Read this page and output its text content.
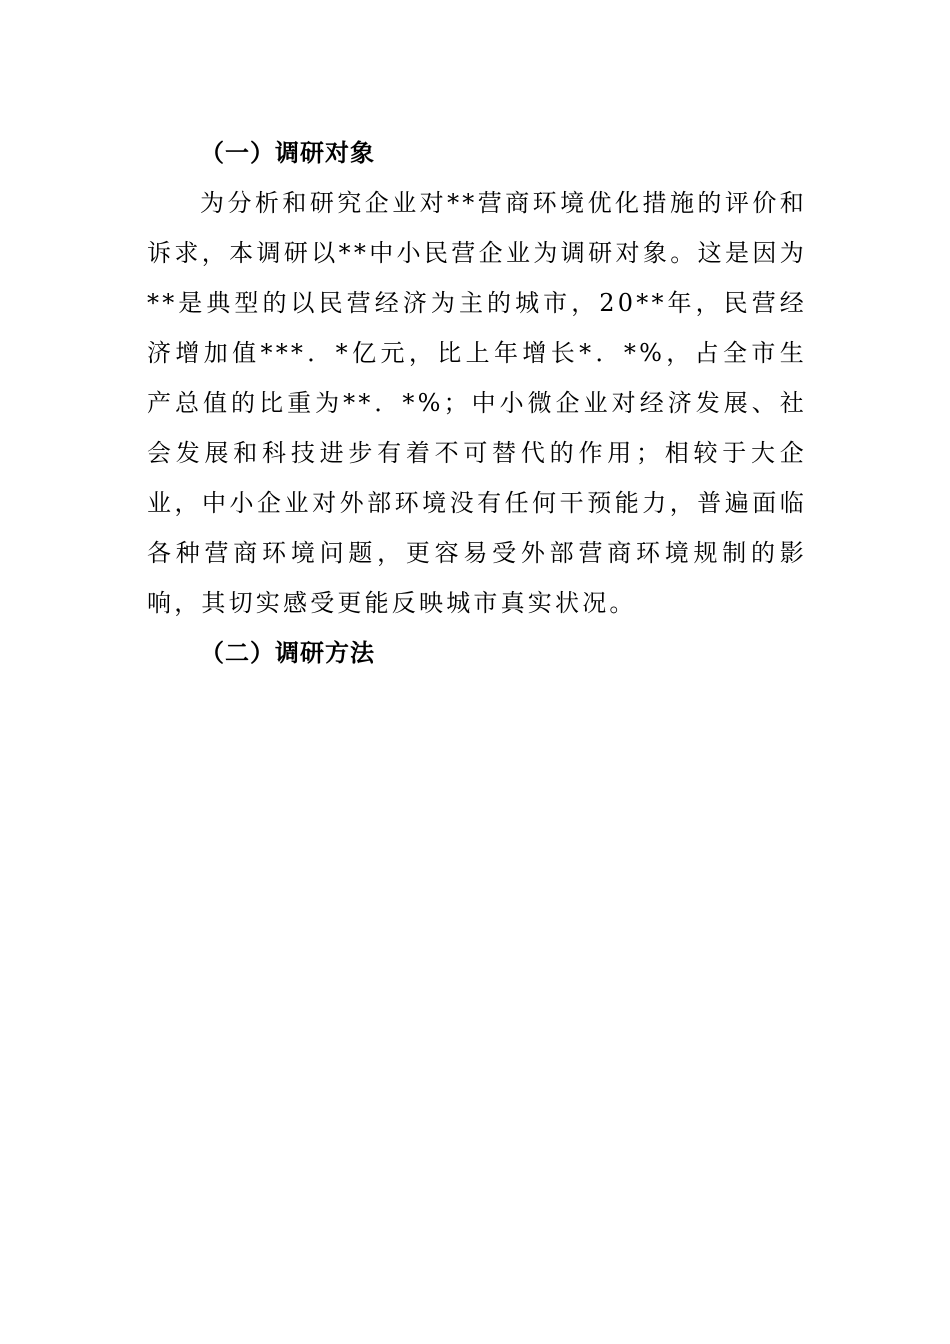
（一）调研对象

为分析和研究企业对**营商环境优化措施的评价和诉求，本调研以**中小民营企业为调研对象。这是因为**是典型的以民营经济为主的城市，20**年，民营经济增加值***．*亿元，比上年增长*．*%，占全市生产总值的比重为**．*%；中小微企业对经济发展、社会发展和科技进步有着不可替代的作用；相较于大企业，中小企业对外部环境没有任何干预能力，普遍面临各种营商环境问题，更容易受外部营商环境规制的影响，其切实感受更能反映城市真实状况。

（二）调研方法
